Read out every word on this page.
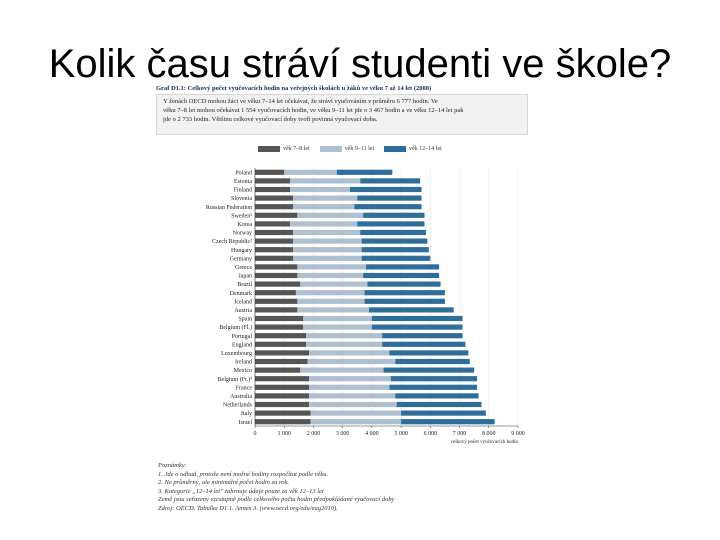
Kolik času stráví studenti ve škole?
Graf D1.1: Celkový počet vyučovacích hodin na veřejných školách u žáků ve věku 7 až 14 let (2008)
Y ženách OECD mohou žáci ve věku 7–14 let očekávat, že stráví vyučováním v průměru 6 777 hodin. Ve
věku 7–8 let mohou očekávat 1 554 vyučovacích hodin, ve věku 9–11 let jde o 3 467 hodin a ve věku 12–14 let pak
jde o 2 733 hodin. Většinu celkové vyučovací doby tvoří povinná vyučovací doba.
věk 7–8 let	věk 9–11 let	věk 12–14 let
Poland
Estonia
Finland
Slovenia
Russian Federation
Sweden¹
Korea
Norway
Czech Republic²
Hungary
Germany
Greece
Japan
Brazil
Denmark
Iceland
Austria
Spain
Belgium (Fl.)
Portugal
England
Luxembourg
Ireland
Mexico
Belgium (Fr.)³
France
Australia
Netherlands
Italy
Israel
0	1 000	2 000	3 000	4 000	5 000	6 000	7 000	8 000	9 000
celkový počet vyučovacích hodin
Poznámky:
1. Jde o odhad, protože není možné hodiny rozpočítat podle věku.
2. Ne průměrný, ale minimální počet hodin za rok.
3. Kategorie „12–14 let" zahrnuje údaje pouze za věk 12–13 let
Země jsou seřazeny vzestupně podle celkového počtu hodin předpokládané vyučovací doby
Zdroj: OECD. Tabulka D1.1. Annex 3. (www.oecd.org/edu/eag2010).
